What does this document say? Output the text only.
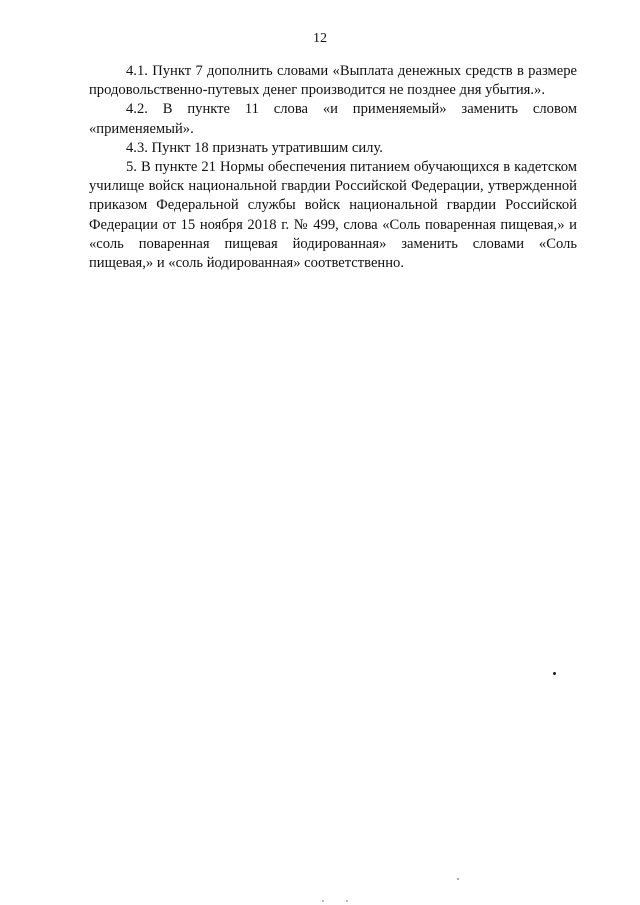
12

4.1. Пункт 7 дополнить словами «Выплата денежных средств в размере продовольственно-путевых денег производится не позднее дня убытия.».

4.2. В пункте 11 слова «и применяемый» заменить словом «применяемый».

4.3. Пункт 18 признать утратившим силу.

5. В пункте 21 Нормы обеспечения питанием обучающихся в кадетском училище войск национальной гвардии Российской Федерации, утвержденной приказом Федеральной службы войск национальной гвардии Российской Федерации от 15 ноября 2018 г. № 499, слова «Соль поваренная пищевая,» и «соль поваренная пищевая йодированная» заменить словами «Соль пищевая,» и «соль йодированная» соответственно.
